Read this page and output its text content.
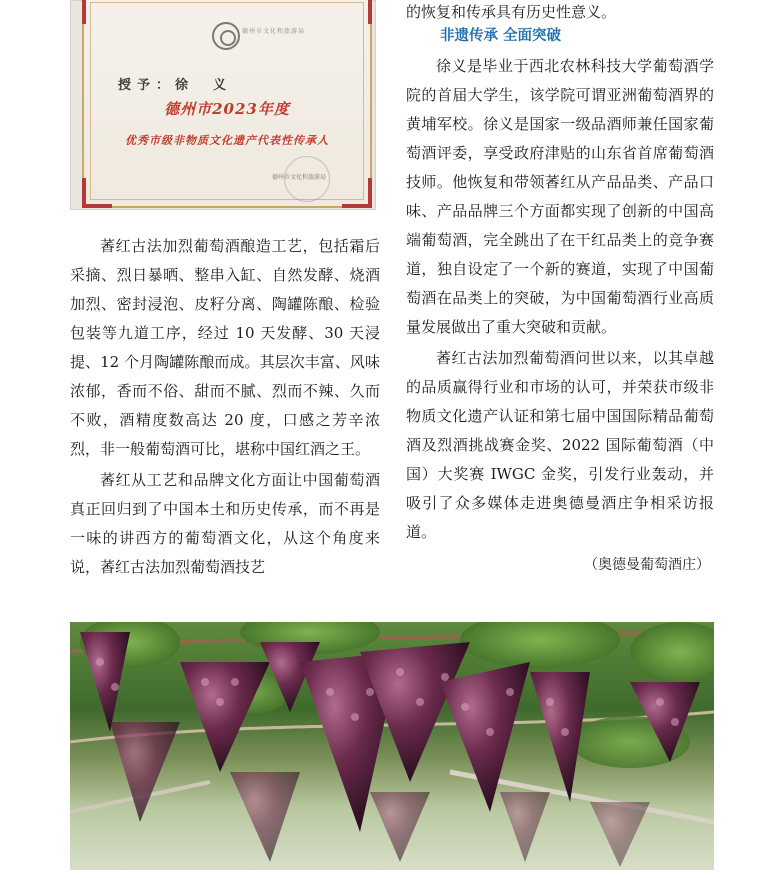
德州市文化和旅游局
授予：徐　义
德州市2023年度
优秀市级非物质文化遗产代表性传承人
德州市文化和旅游局

萫红古法加烈葡萄酒酿造工艺，包括霜后采摘、烈日暴晒、整串入缸、自然发酵、烧酒加烈、密封浸泡、皮籽分离、陶罐陈酿、检验包装等九道工序，经过 10 天发酵、30 天浸提、12 个月陶罐陈酿而成。其层次丰富、风味浓郁，香而不俗、甜而不腻、烈而不辣、久而不败，酒精度数高达 20 度，口感之芳辛浓烈，非一般葡萄酒可比，堪称中国红酒之王。

萫红从工艺和品牌文化方面让中国葡萄酒真正回归到了中国本土和历史传承，而不再是一味的讲西方的葡萄酒文化，从这个角度来说，萫红古法加烈葡萄酒技艺

的恢复和传承具有历史性意义。

非遗传承 全面突破

徐义是毕业于西北农林科技大学葡萄酒学院的首届大学生，该学院可谓亚洲葡萄酒界的黄埔军校。徐义是国家一级品酒师兼任国家葡萄酒评委，享受政府津贴的山东省首席葡萄酒技师。他恢复和带领萫红从产品品类、产品口味、产品品牌三个方面都实现了创新的中国高端葡萄酒，完全跳出了在干红品类上的竞争赛道，独自设定了一个新的赛道，实现了中国葡萄酒在品类上的突破，为中国葡萄酒行业高质量发展做出了重大突破和贡献。

萫红古法加烈葡萄酒问世以来，以其卓越的品质赢得行业和市场的认可，并荣获市级非物质文化遗产认证和第七届中国国际精品葡萄酒及烈酒挑战赛金奖、2022 国际葡萄酒（中国）大奖赛 IWGC 金奖，引发行业轰动，并吸引了众多媒体走进奥德曼酒庄争相采访报道。

（奥德曼葡萄酒庄）
